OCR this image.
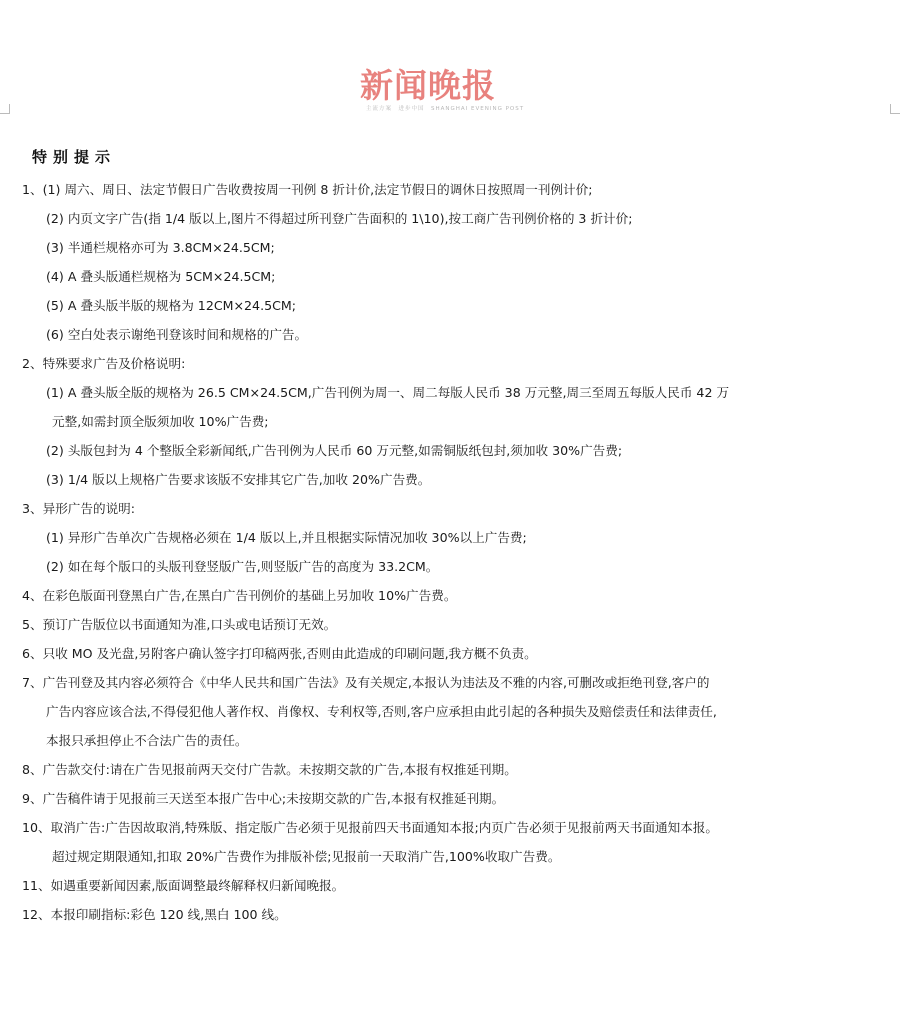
新闻晚报
主流方案　进步中国　SHANGHAI EVENING POST
特别提示
1、(1) 周六、周日、法定节假日广告收费按周一刊例 8 折计价,法定节假日的调休日按照周一刊例计价;
(2) 内页文字广告(指 1/4 版以上,图片不得超过所刊登广告面积的 1\10),按工商广告刊例价格的 3 折计价;
(3) 半通栏规格亦可为 3.8CM×24.5CM;
(4) A 叠头版通栏规格为 5CM×24.5CM;
(5) A 叠头版半版的规格为 12CM×24.5CM;
(6) 空白处表示谢绝刊登该时间和规格的广告。
2、特殊要求广告及价格说明:
(1) A 叠头版全版的规格为 26.5 CM×24.5CM,广告刊例为周一、周二每版人民币 38 万元整,周三至周五每版人民币 42 万
元整,如需封顶全版须加收 10%广告费;
(2) 头版包封为 4 个整版全彩新闻纸,广告刊例为人民币 60 万元整,如需铜版纸包封,须加收 30%广告费;
(3) 1/4 版以上规格广告要求该版不安排其它广告,加收 20%广告费。
3、异形广告的说明:
(1) 异形广告单次广告规格必须在 1/4 版以上,并且根据实际情况加收 30%以上广告费;
(2) 如在每个版口的头版刊登竖版广告,则竖版广告的高度为 33.2CM。
4、在彩色版面刊登黑白广告,在黑白广告刊例价的基础上另加收 10%广告费。
5、预订广告版位以书面通知为准,口头或电话预订无效。
6、只收 MO 及光盘,另附客户确认签字打印稿两张,否则由此造成的印刷问题,我方概不负责。
7、广告刊登及其内容必须符合《中华人民共和国广告法》及有关规定,本报认为违法及不雅的内容,可删改或拒绝刊登,客户的
广告内容应该合法,不得侵犯他人著作权、肖像权、专利权等,否则,客户应承担由此引起的各种损失及赔偿责任和法律责任,
本报只承担停止不合法广告的责任。
8、广告款交付:请在广告见报前两天交付广告款。未按期交款的广告,本报有权推延刊期。
9、广告稿件请于见报前三天送至本报广告中心;未按期交款的广告,本报有权推延刊期。
10、取消广告:广告因故取消,特殊版、指定版广告必须于见报前四天书面通知本报;内页广告必须于见报前两天书面通知本报。
超过规定期限通知,扣取 20%广告费作为排版补偿;见报前一天取消广告,100%收取广告费。
11、如遇重要新闻因素,版面调整最终解释权归新闻晚报。
12、本报印刷指标:彩色 120 线,黑白 100 线。
